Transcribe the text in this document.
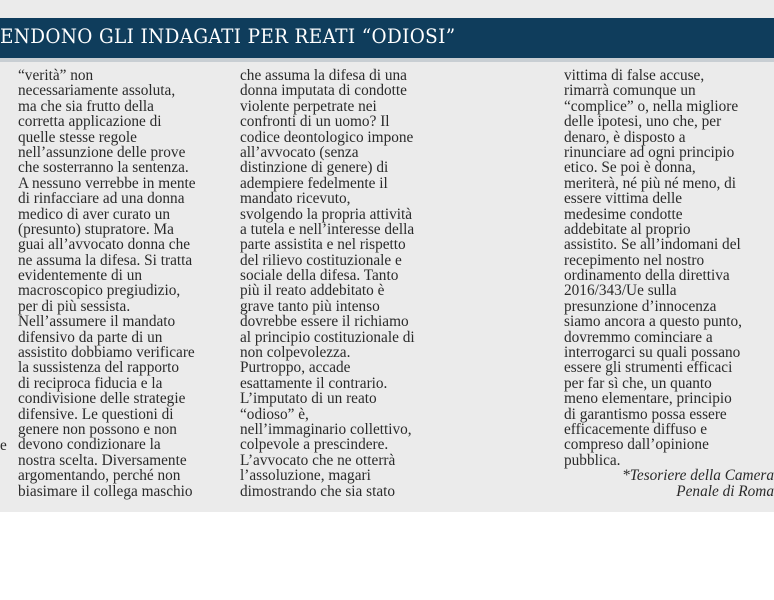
ENDONO GLI INDAGATI PER REATI “ODIOSI”
e
“verità” non
necessariamente assoluta,
ma che sia frutto della
corretta applicazione di
quelle stesse regole
nell’assunzione delle prove
che sosterranno la sentenza.
A nessuno verrebbe in mente
di rinfacciare ad una donna
medico di aver curato un
(presunto) stupratore. Ma
guai all’avvocato donna che
ne assuma la difesa. Si tratta
evidentemente di un
macroscopico pregiudizio,
per di più sessista.
Nell’assumere il mandato
difensivo da parte di un
assistito dobbiamo verificare
la sussistenza del rapporto
di reciproca fiducia e la
condivisione delle strategie
difensive. Le questioni di
genere non possono e non
devono condizionare la
nostra scelta. Diversamente
argomentando, perché non
biasimare il collega maschio
che assuma la difesa di una
donna imputata di condotte
violente perpetrate nei
confronti di un uomo? Il
codice deontologico impone
all’avvocato (senza
distinzione di genere) di
adempiere fedelmente il
mandato ricevuto,
svolgendo la propria attività
a tutela e nell’interesse della
parte assistita e nel rispetto
del rilievo costituzionale e
sociale della difesa. Tanto
più il reato addebitato è
grave tanto più intenso
dovrebbe essere il richiamo
al principio costituzionale di
non colpevolezza.
Purtroppo, accade
esattamente il contrario.
L’imputato di un reato
“odioso” è,
nell’immaginario collettivo,
colpevole a prescindere.
L’avvocato che ne otterrà
l’assoluzione, magari
dimostrando che sia stato
vittima di false accuse,
rimarrà comunque un
“complice” o, nella migliore
delle ipotesi, uno che, per
denaro, è disposto a
rinunciare ad ogni principio
etico. Se poi è donna,
meriterà, né più né meno, di
essere vittima delle
medesime condotte
addebitate al proprio
assistito. Se all’indomani del
recepimento nel nostro
ordinamento della direttiva
2016/343/Ue sulla
presunzione d’innocenza
siamo ancora a questo punto,
dovremmo cominciare a
interrogarci su quali possano
essere gli strumenti efficaci
per far sì che, un quanto
meno elementare, principio
di garantismo possa essere
efficacemente diffuso e
compreso dall’opinione
pubblica.
*Tesoriere della Camera
Penale di Roma
